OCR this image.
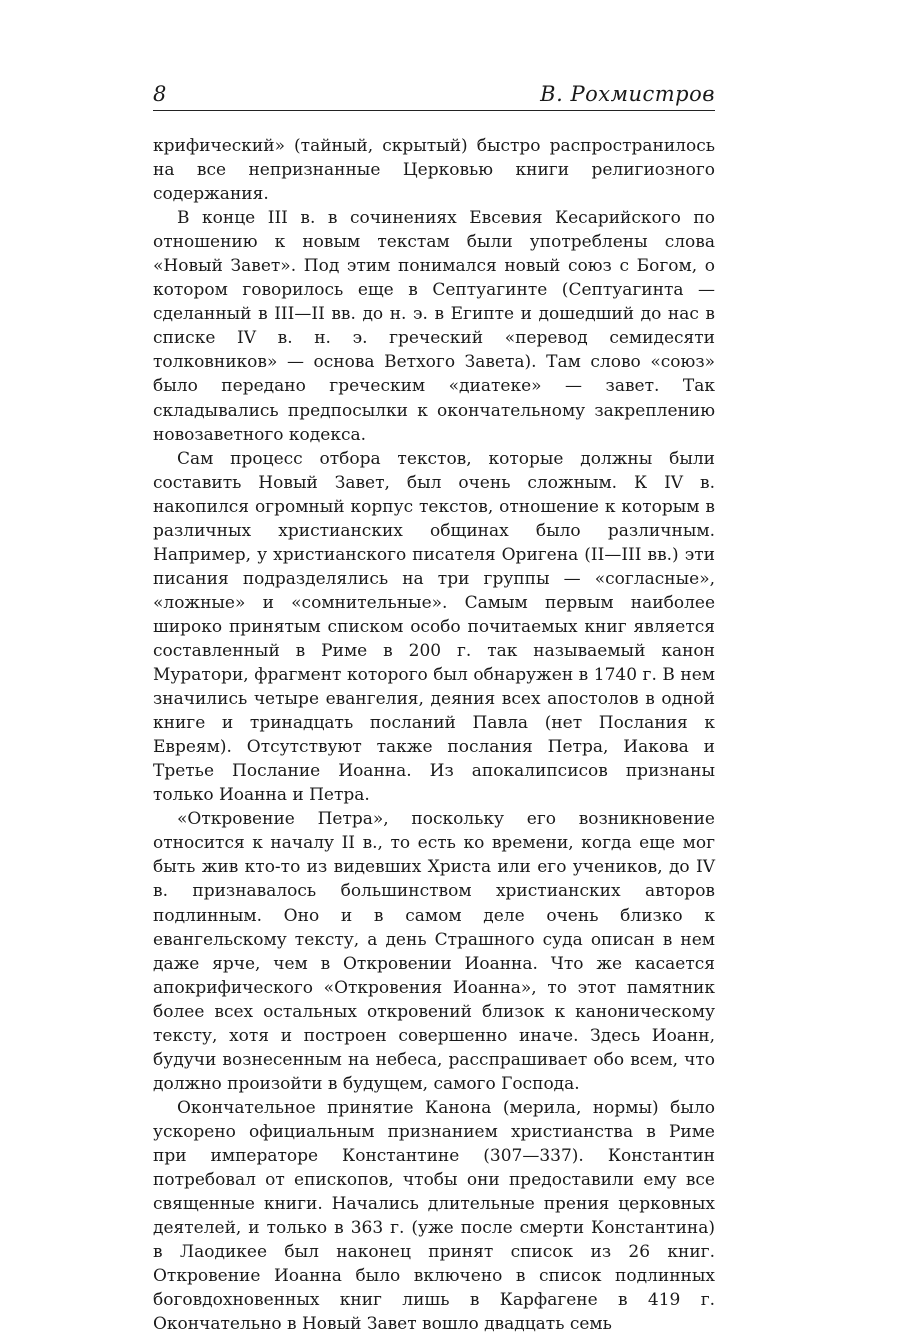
8	В. Рохмистров

крифический» (тайный, скрытый) быстро распространилось на все непризнанные Церковью книги религиозного содержания.

В конце III в. в сочинениях Евсевия Кесарийского по отношению к новым текстам были употреблены слова «Новый Завет». Под этим понимался новый союз с Богом, о котором говорилось еще в Септуагинте (Септуагинта — сделанный в III—II вв. до н. э. в Египте и дошедший до нас в списке IV в. н. э. греческий «перевод семидесяти толковников» — основа Ветхого Завета). Там слово «союз» было передано греческим «диатеке» — завет. Так складывались предпосылки к окончательному закреплению новозаветного кодекса.

Сам процесс отбора текстов, которые должны были составить Новый Завет, был очень сложным. К IV в. накопился огромный корпус текстов, отношение к которым в различных христианских общинах было различным. Например, у христианского писателя Оригена (II—III вв.) эти писания подразделялись на три группы — «согласные», «ложные» и «сомнительные». Самым первым наиболее широко принятым списком особо почитаемых книг является составленный в Риме в 200 г. так называемый канон Муратори, фрагмент которого был обнаружен в 1740 г. В нем значились четыре евангелия, деяния всех апостолов в одной книге и тринадцать посланий Павла (нет Послания к Евреям). Отсутствуют также послания Петра, Иакова и Третье Послание Иоанна. Из апокалипсисов признаны только Иоанна и Петра.

«Откровение Петра», поскольку его возникновение относится к началу II в., то есть ко времени, когда еще мог быть жив кто-то из видевших Христа или его учеников, до IV в. признавалось большинством христианских авторов подлинным. Оно и в самом деле очень близко к евангельскому тексту, а день Страшного суда описан в нем даже ярче, чем в Откровении Иоанна. Что же касается апокрифического «Откровения Иоанна», то этот памятник более всех остальных откровений близок к каноническому тексту, хотя и построен совершенно иначе. Здесь Иоанн, будучи вознесенным на небеса, расспрашивает обо всем, что должно произойти в будущем, самого Господа.

Окончательное принятие Канона (мерила, нормы) было ускорено официальным признанием христианства в Риме при императоре Константине (307—337). Константин потребовал от епископов, чтобы они предоставили ему все священные книги. Начались длительные прения церковных деятелей, и только в 363 г. (уже после смерти Константина) в Лаодикее был наконец принят список из 26 книг. Откровение Иоанна было включено в список подлинных боговдохновенных книг лишь в Карфагене в 419 г. Окончательно в Новый Завет вошло двадцать семь
